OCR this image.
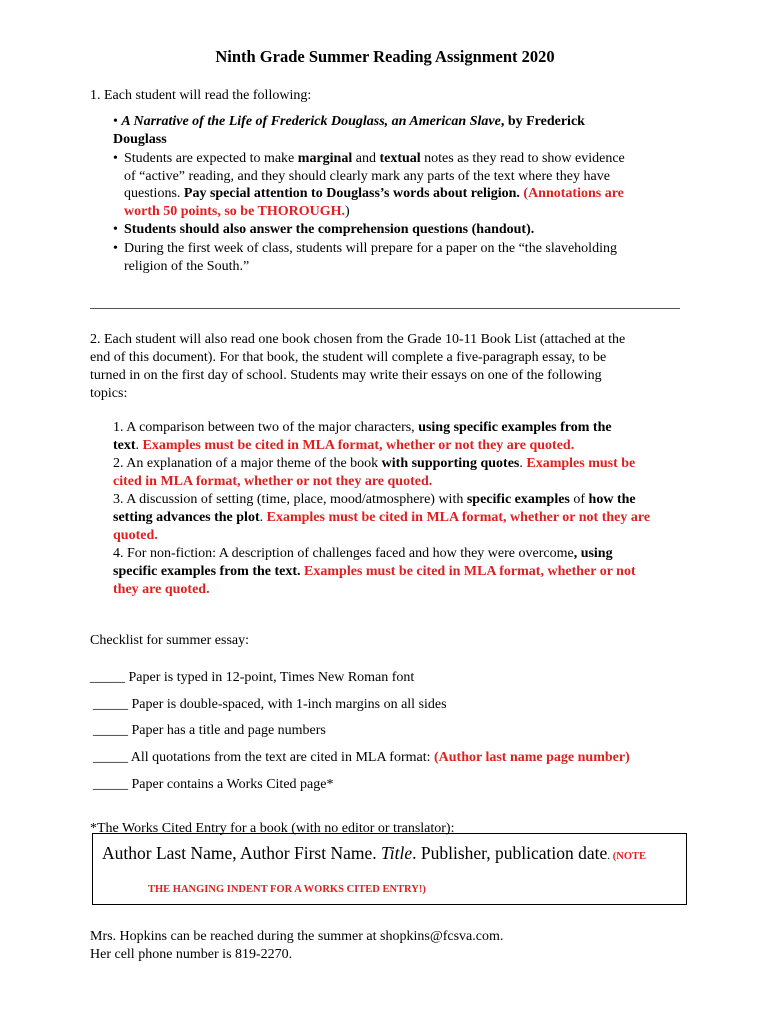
Ninth Grade Summer Reading Assignment 2020
1. Each student will read the following:
• A Narrative of the Life of Frederick Douglass, an American Slave, by Frederick
Douglass
• Students are expected to make marginal and textual notes as they read to show evidence
of “active” reading, and they should clearly mark any parts of the text where they have
questions. Pay special attention to Douglass’s words about religion. (Annotations are
worth 50 points, so be THOROUGH.)
• Students should also answer the comprehension questions (handout).
• During the first week of class, students will prepare for a paper on the “the slaveholding
religion of the South.”
2. Each student will also read one book chosen from the Grade 10-11 Book List (attached at the
end of this document). For that book, the student will complete a five-paragraph essay, to be
turned in on the first day of school. Students may write their essays on one of the following
topics:
1. A comparison between two of the major characters, using specific examples from the
text. Examples must be cited in MLA format, whether or not they are quoted.
2. An explanation of a major theme of the book with supporting quotes. Examples must be
cited in MLA format, whether or not they are quoted.
3. A discussion of setting (time, place, mood/atmosphere) with specific examples of how the
setting advances the plot. Examples must be cited in MLA format, whether or not they are
quoted.
4. For non-fiction: A description of challenges faced and how they were overcome, using
specific examples from the text. Examples must be cited in MLA format, whether or not
they are quoted.
Checklist for summer essay:
_____ Paper is typed in 12-point, Times New Roman font
_____ Paper is double-spaced, with 1-inch margins on all sides
_____ Paper has a title and page numbers
_____ All quotations from the text are cited in MLA format: (Author last name page number)
_____ Paper contains a Works Cited page*
*The Works Cited Entry for a book (with no editor or translator):
Author Last Name, Author First Name. Title. Publisher, publication date. (NOTE
THE HANGING INDENT FOR A WORKS CITED ENTRY!)
Mrs. Hopkins can be reached during the summer at shopkins@fcsva.com.
Her cell phone number is 819-2270.
